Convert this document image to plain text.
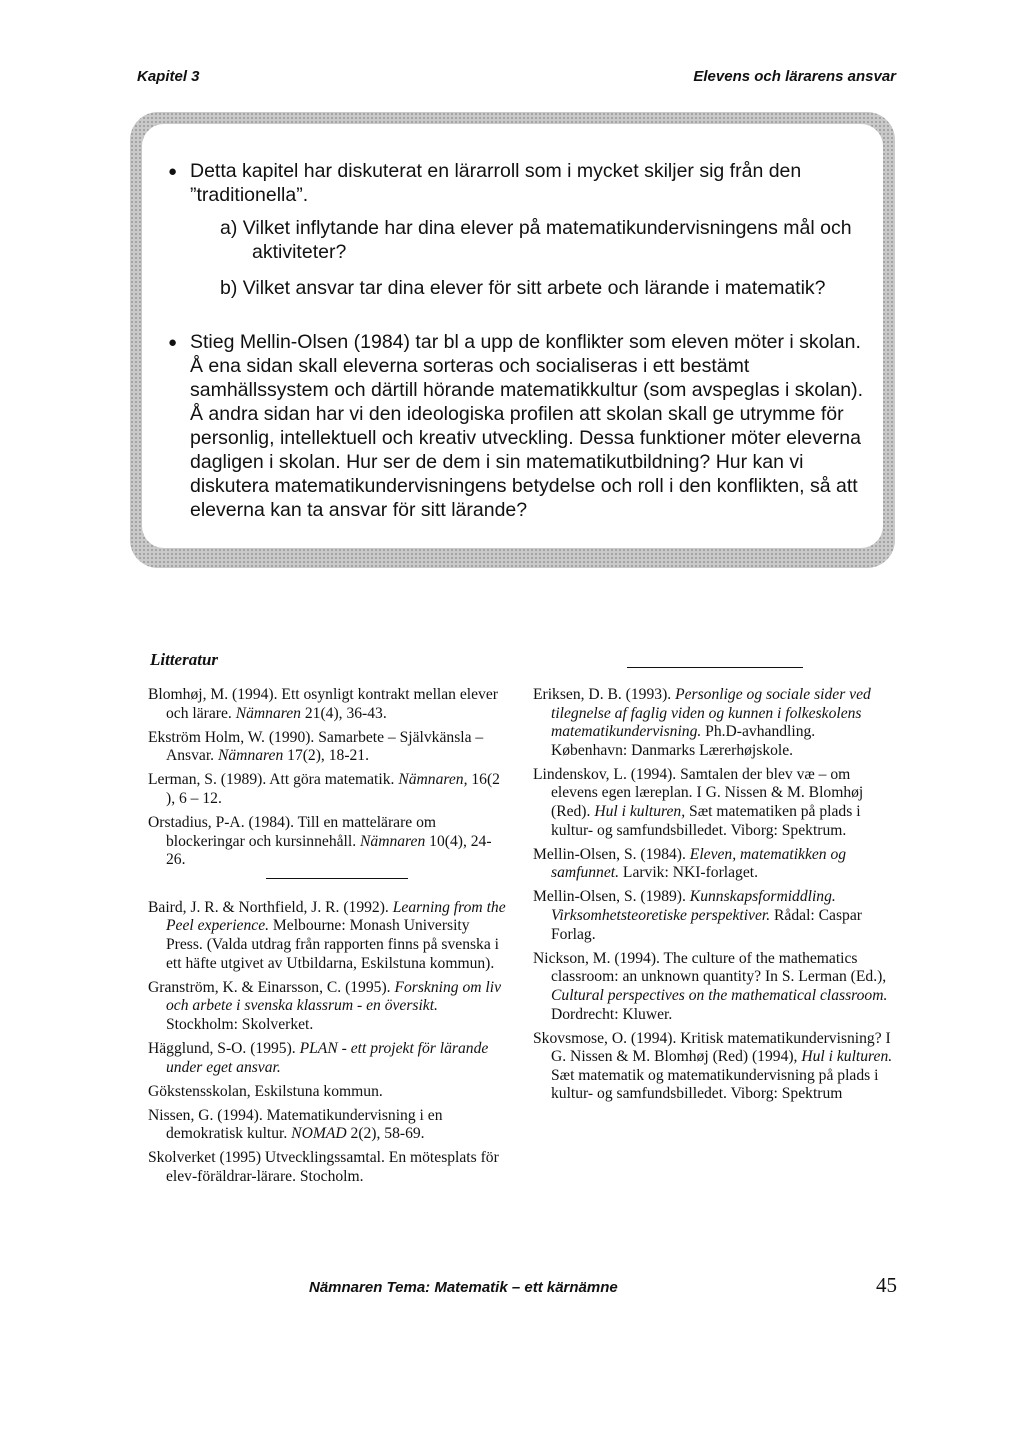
Kapitel 3	Elevens och lärarens ansvar
● Detta kapitel har diskuterat en lärarroll som i mycket skiljer sig från den ”traditionella”.
a) Vilket inflytande har dina elever på matematikundervisningens mål och aktiviteter?
b) Vilket ansvar tar dina elever för sitt arbete och lärande i matematik?
● Stieg Mellin-Olsen (1984) tar bl a upp de konflikter som eleven möter i skolan. Å ena sidan skall eleverna sorteras och socialiseras i ett bestämt samhällssystem och därtill hörande matematikkultur (som avspeglas i skolan). Å andra sidan har vi den ideologiska profilen att skolan skall ge utrymme för personlig, intellektuell och kreativ utveckling. Dessa funktioner möter eleverna dagligen i skolan. Hur ser de dem i sin matematikutbildning? Hur kan vi diskutera matematikundervisningens betydelse och roll i den konflikten, så att eleverna kan ta ansvar för sitt lärande?
Litteratur
Blomhøj, M. (1994). Ett osynligt kontrakt mellan elever och lärare. Nämnaren 21(4), 36-43.
Ekström Holm, W. (1990). Samarbete – Självkänsla – Ansvar. Nämnaren 17(2), 18-21.
Lerman, S. (1989). Att göra matematik. Nämnaren, 16(2 ), 6 – 12.
Orstadius, P-A. (1984). Till en mattelärare om blockeringar och kursinnehåll. Nämnaren 10(4), 24-26.
Baird, J. R. & Northfield, J. R. (1992). Learning from the Peel experience. Melbourne: Monash University Press. (Valda utdrag från rapporten finns på svenska i ett häfte utgivet av Utbildarna, Eskilstuna kommun).
Granström, K. & Einarsson, C. (1995). Forskning om liv och arbete i svenska klassrum - en översikt. Stockholm: Skolverket.
Hägglund, S-O. (1995). PLAN - ett projekt för lärande under eget ansvar.
Gökstensskolan, Eskilstuna kommun.
Nissen, G. (1994). Matematikundervisning i en demokratisk kultur. NOMAD 2(2), 58-69.
Skolverket (1995) Utvecklingssamtal. En mötesplats för elev-föräldrar-lärare. Stocholm.
Eriksen, D. B. (1993). Personlige og sociale sider ved tilegnelse af faglig viden og kunnen i folkeskolens matematikundervisning. Ph.D-avhandling. København: Danmarks Lærerhøjskole.
Lindenskov, L. (1994). Samtalen der blev væ – om elevens egen læreplan. I G. Nissen & M. Blomhøj (Red). Hul i kulturen, Sæt matematiken på plads i kultur- og samfundsbilledet. Viborg: Spektrum.
Mellin-Olsen, S. (1984). Eleven, matematikken og samfunnet. Larvik: NKI-forlaget.
Mellin-Olsen, S. (1989). Kunnskapsformiddling. Virksomhetsteoretiske perspektiver. Rådal: Caspar Forlag.
Nickson, M. (1994). The culture of the mathematics classroom: an unknown quantity? In S. Lerman (Ed.), Cultural perspectives on the mathematical classroom. Dordrecht: Kluwer.
Skovsmose, O. (1994). Kritisk matematikundervisning? I G. Nissen & M. Blomhøj (Red) (1994), Hul i kulturen. Sæt matematik og matematikundervisning på plads i kultur- og samfundsbilledet. Viborg: Spektrum
Nämnaren Tema: Matematik – ett kärnämne	45
